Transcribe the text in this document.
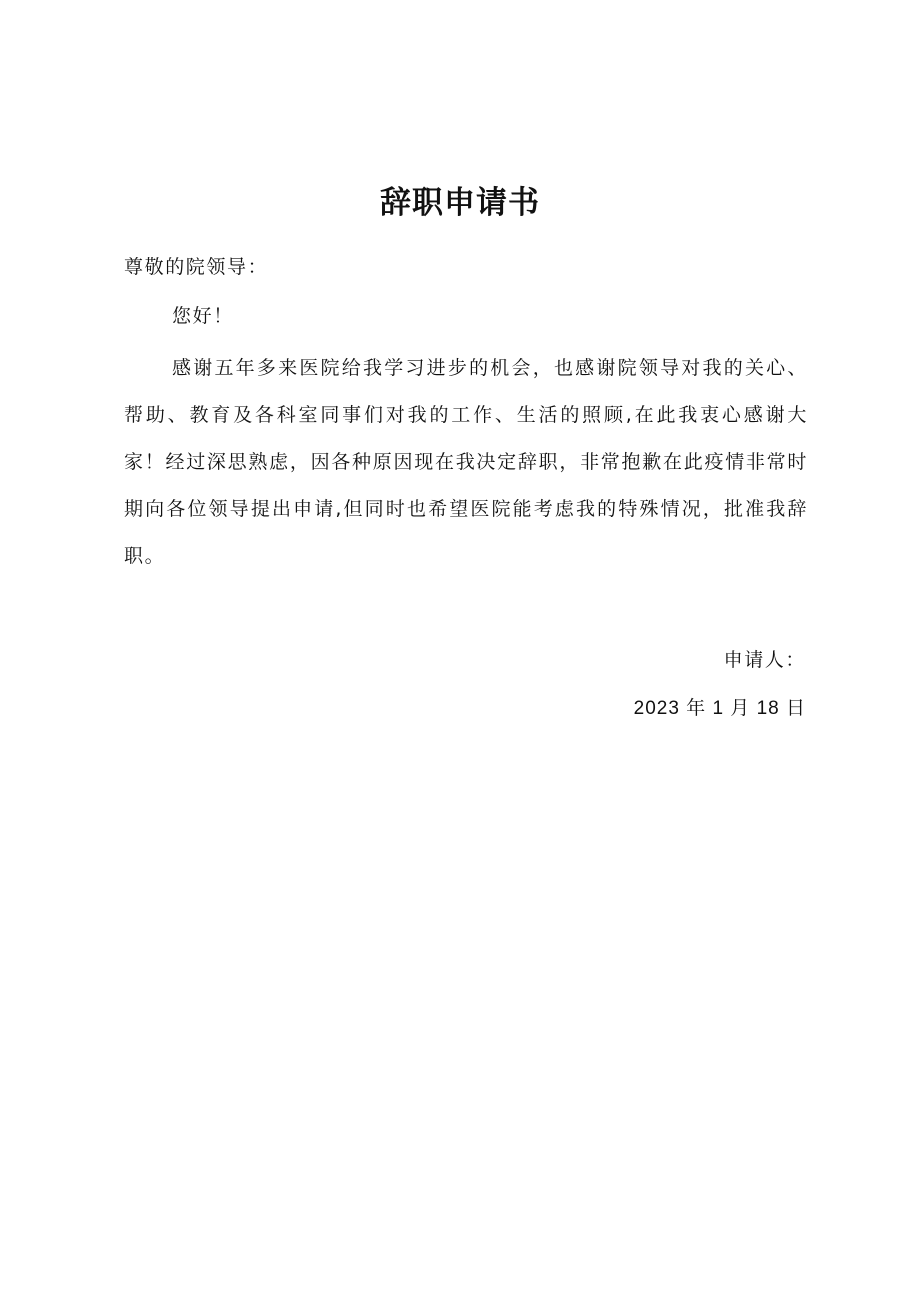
辞职申请书
尊敬的院领导：
您好！

感谢五年多来医院给我学习进步的机会，也感谢院领导对我的关心、帮助、教育及各科室同事们对我的工作、生活的照顾,在此我衷心感谢大家！经过深思熟虑，因各种原因现在我决定辞职，非常抱歉在此疫情非常时期向各位领导提出申请,但同时也希望医院能考虑我的特殊情况，批准我辞职。

申请人：
2023 年 1 月 18 日
